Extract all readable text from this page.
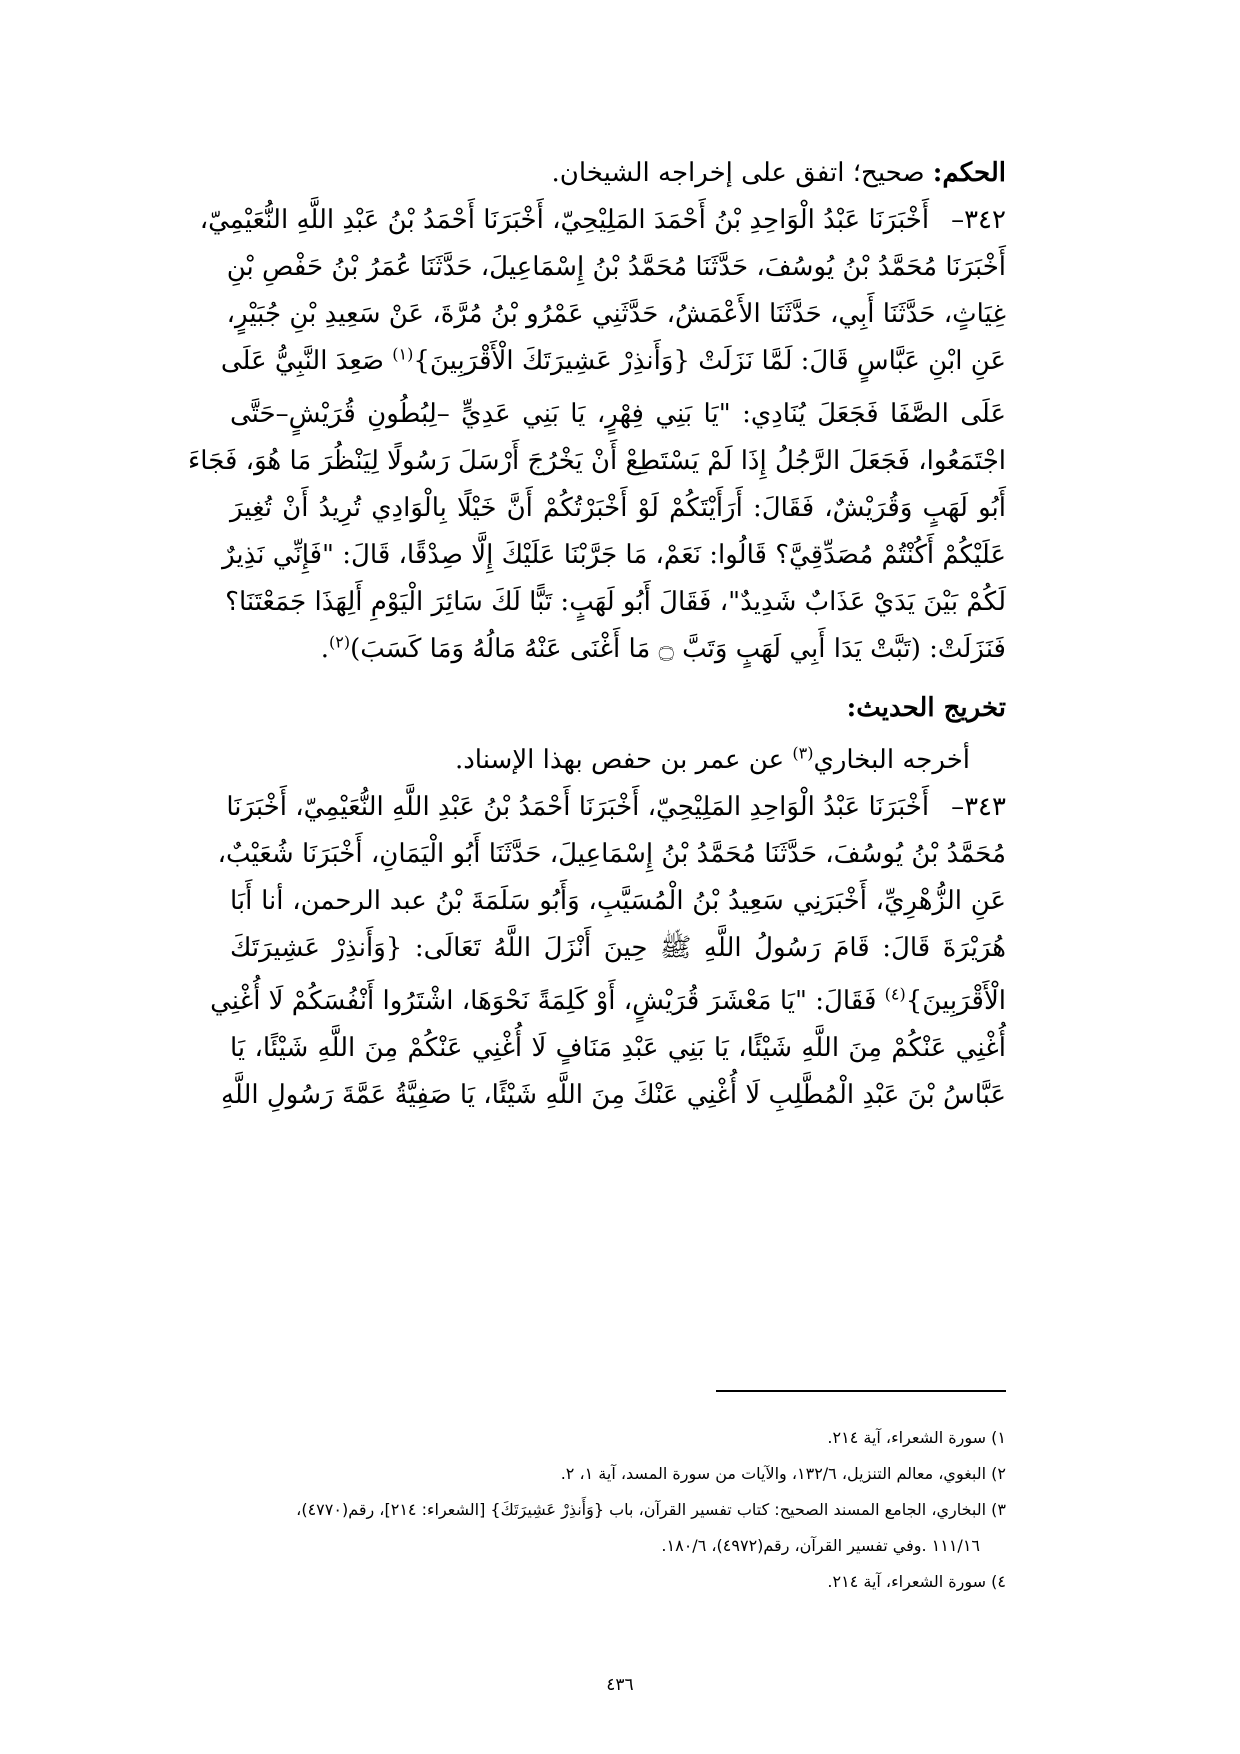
الحكم: صحيح؛ اتفق على إخراجه الشيخان.
٣٤٢–أَخْبَرَنَا عَبْدُ الْوَاحِدِ بْنُ أَحْمَدَ المَلِيْحِيّ، أَخْبَرَنَا أَحْمَدُ بْنُ عَبْدِ اللَّهِ النُّعَيْمِيّ،
أَخْبَرَنَا مُحَمَّدُ بْنُ يُوسُفَ، حَدَّثَنَا مُحَمَّدُ بْنُ إِسْمَاعِيلَ، حَدَّثَنَا عُمَرُ بْنُ حَفْصِ بْنِ
غِيَاثٍ، حَدَّثَنَا أَبِي، حَدَّثَنَا الأَعْمَشُ، حَدَّثَنِي عَمْرُو بْنُ مُرَّةَ، عَنْ سَعِيدِ بْنِ جُبَيْرٍ،
عَنِ ابْنِ عَبَّاسٍ قَالَ: لَمَّا نَزَلَتْ {وَأَنذِرْ عَشِيرَتَكَ الْأَقْرَبِينَ}$^{(١)}$ صَعِدَ النَّبِيُّ عَلَى
عَلَى الصَّفَا فَجَعَلَ يُنَادِي: "يَا بَنِي فِهْرٍ، يَا بَنِي عَدِيٍّ –لِبُطُونِ قُرَيْشٍ–حَتَّى
اجْتَمَعُوا، فَجَعَلَ الرَّجُلُ إِذَا لَمْ يَسْتَطِعْ أَنْ يَخْرُجَ أَرْسَلَ رَسُولًا لِيَنْظُرَ مَا هُوَ، فَجَاءَ
أَبُو لَهَبٍ وَقُرَيْشٌ، فَقَالَ: أَرَأَيْتَكُمْ لَوْ أَخْبَرْتُكُمْ أَنَّ خَيْلًا بِالْوَادِي تُرِيدُ أَنْ تُغِيرَ
عَلَيْكُمْ أَكُنْتُمْ مُصَدِّقِيَّ؟ قَالُوا: نَعَمْ، مَا جَرَّبْنَا عَلَيْكَ إِلَّا صِدْقًا، قَالَ: "فَإِنِّي نَذِيرٌ
لَكُمْ بَيْنَ يَدَيْ عَذَابٌ شَدِيدٌ"، فَقَالَ أَبُو لَهَبٍ: تَبًّا لَكَ سَائِرَ الْيَوْمِ أَلِهَذَا جَمَعْتَنَا؟
فَنَزَلَتْ: (تَبَّتْ يَدَا أَبِي لَهَبٍ وَتَبَّ ۝ مَا أَغْنَى عَنْهُ مَالُهُ وَمَا كَسَبَ)$^{(٢)}$.
تخريج الحديث:
أخرجه البخاري$^{(٣)}$ عن عمر بن حفص بهذا الإسناد.
٣٤٣–أَخْبَرَنَا عَبْدُ الْوَاحِدِ المَلِيْحِيّ، أَخْبَرَنَا أَحْمَدُ بْنُ عَبْدِ اللَّهِ النُّعَيْمِيّ، أَخْبَرَنَا
مُحَمَّدُ بْنُ يُوسُفَ، حَدَّثَنَا مُحَمَّدُ بْنُ إِسْمَاعِيلَ، حَدَّثَنَا أَبُو الْيَمَانِ، أَخْبَرَنَا شُعَيْبٌ،
عَنِ الزُّهْرِيِّ، أَخْبَرَنِي سَعِيدُ بْنُ الْمُسَيَّبِ، وَأَبُو سَلَمَةَ بْنُ عبد الرحمن، أنا أَبَا
هُرَيْرَةَ قَالَ: قَامَ رَسُولُ اللَّهِ ﷺ حِينَ أَنْزَلَ اللَّهُ تَعَالَى: {وَأَنذِرْ عَشِيرَتَكَ
الْأَقْرَبِينَ}$^{(٤)}$ فَقَالَ: "يَا مَعْشَرَ قُرَيْشٍ، أَوْ كَلِمَةً نَحْوَهَا، اشْتَرُوا أَنْفُسَكُمْ لَا أُغْنِي
أُغْنِي عَنْكُمْ مِنَ اللَّهِ شَيْئًا، يَا بَنِي عَبْدِ مَنَافٍ لَا أُغْنِي عَنْكُمْ مِنَ اللَّهِ شَيْئًا، يَا
عَبَّاسُ بْنَ عَبْدِ الْمُطَّلِبِ لَا أُغْنِي عَنْكَ مِنَ اللَّهِ شَيْئًا، يَا صَفِيَّةُ عَمَّةَ رَسُولِ اللَّهِ
١) سورة الشعراء، آية ٢١٤.
٢) البغوي، معالم التنزيل، ١٣٢/٦، والآيات من سورة المسد، آية ١، ٢.
٣) البخاري، الجامع المسند الصحيح: كتاب تفسير القرآن، باب {وَأَنذِرْ عَشِيرَتَكَ} [الشعراء: ٢١٤]، رقم(٤٧٧٠)،
١١١/١٦ .وفي تفسير القرآن، رقم(٤٩٧٢)، ١٨٠/٦.
٤) سورة الشعراء، آية ٢١٤.
٤٣٦
